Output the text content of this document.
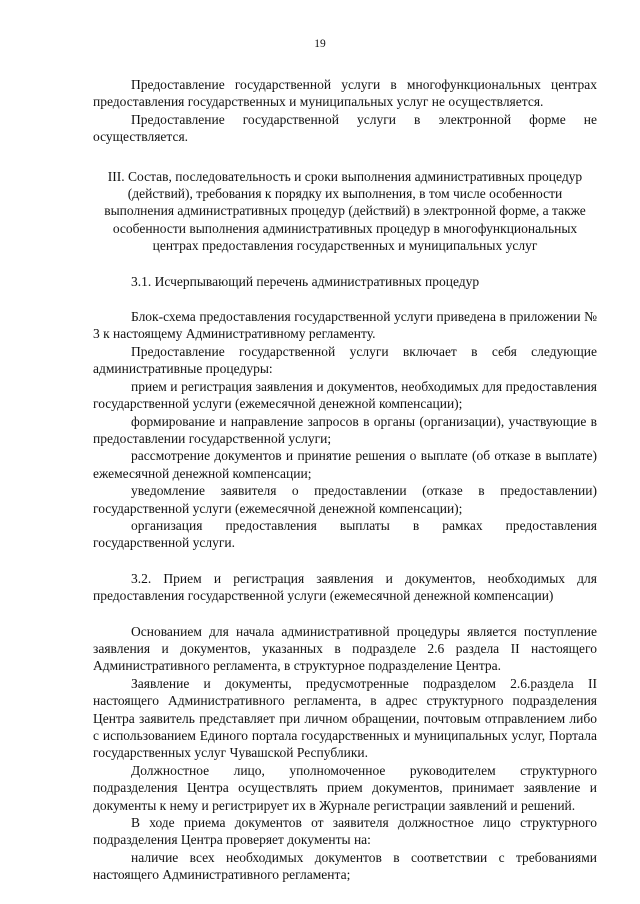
19

Предоставление государственной услуги в многофункциональных центрах предоставления государственных и муниципальных услуг не осуществляется.

Предоставление государственной услуги в электронной форме не осуществляется.

III. Состав, последовательность и сроки выполнения административных процедур (действий), требования к порядку их выполнения, в том числе особенности выполнения административных процедур (действий) в электронной форме, а также особенности выполнения административных процедур в многофункциональных центрах предоставления государственных и муниципальных услуг

3.1. Исчерпывающий перечень административных процедур

Блок-схема предоставления государственной услуги приведена в приложении № 3 к настоящему Административному регламенту.

Предоставление государственной услуги включает в себя следующие административные процедуры:

прием и регистрация заявления и документов, необходимых для предоставления государственной услуги (ежемесячной денежной компенсации);

формирование и направление запросов в органы (организации), участвующие в предоставлении государственной услуги;

рассмотрение документов и принятие решения о выплате (об отказе в выплате) ежемесячной денежной компенсации;

уведомление заявителя о предоставлении (отказе в предоставлении) государственной услуги (ежемесячной денежной компенсации);

организация предоставления выплаты в рамках предоставления государственной услуги.

3.2. Прием и регистрация заявления и документов, необходимых для предоставления государственной услуги (ежемесячной денежной компенсации)

Основанием для начала административной процедуры является поступление заявления и документов, указанных в подразделе 2.6 раздела II настоящего Административного регламента, в структурное подразделение Центра.

Заявление и документы, предусмотренные подразделом 2.6.раздела II настоящего Административного регламента, в адрес структурного подразделения Центра заявитель представляет при личном обращении, почтовым отправлением либо с использованием Единого портала государственных и муниципальных услуг, Портала государственных услуг Чувашской Республики.

Должностное лицо, уполномоченное руководителем структурного подразделения Центра осуществлять прием документов, принимает заявление и документы к нему и регистрирует их в Журнале регистрации заявлений и решений.

В ходе приема документов от заявителя должностное лицо структурного подразделения Центра проверяет документы на:

наличие всех необходимых документов в соответствии с требованиями настоящего Административного регламента;
